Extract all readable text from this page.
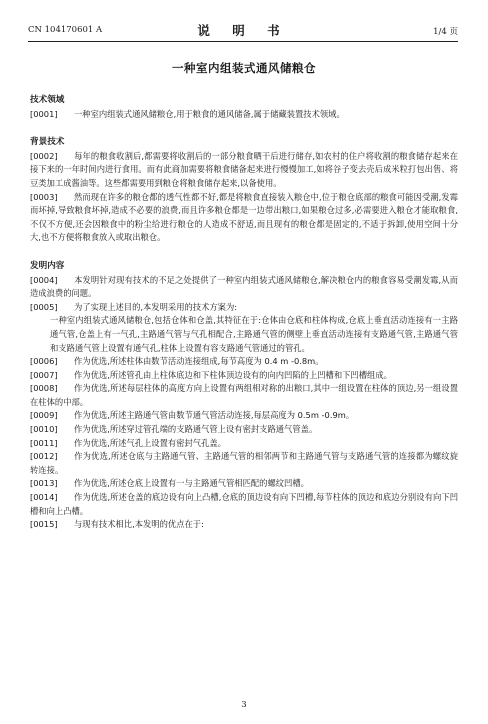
CN 104170601 A	说 明 书	1/4 页
一种室内组装式通风储粮仓
技术领域
[0001] 一种室内组装式通风储粮仓,用于粮食的通风储备,属于储藏装置技术领域。
背景技术
[0002] 每年的粮食收割后,都需要将收割后的一部分粮食晒干后进行储存,如农村的住户将收割的粮食储存起来在接下来的一年时间内进行食用。而有此商加需要将粮食储备起来进行慢慢加工,如将谷子变去壳后成米粒打包出售、将豆类加工成酱油等。这些都需要用到粮仓将粮食储存起来,以备使用。
[0003] 然而现在许多的粮仓都的透气性都不好,都是将粮食直接装入粮仓中,位于粮仓底部的粮食可能因受潮,发霉而坏掉,导致粮食坏掉,造成不必要的浪费,而且许多粮仓都是一边带出粮口,如果粮仓过多,必需要进入粮仓才能取粮食,不仅不方便,还会因粮食中的粉尘给进行粮仓的人造成不舒适,而且现有的粮仓都是固定的,不适于拆卸,使用空间十分大,也不方便将粮食放入或取出粮仓。
发明内容
[0004] 本发明针对现有技术的不足之处提供了一种室内组装式通风储粮仓,解决粮仓内的粮食容易受潮发霉,从而造成浪费的问题。
[0005] 为了实现上述目的,本发明采用的技术方案为:
一种室内组装式通风储粮仓,包括仓体和仓盖,其特征在于:仓体由仓底和柱体构成,仓底上垂直活动连接有一主路通气管,仓盖上有一气孔,主路通气管与气孔相配合,主路通气管的侧壁上垂直活动连接有支路通气管,主路通气管和支路通气管上设置有通气孔,柱体上设置有容支路通气管通过的管孔。
[0006] 作为优选,所述柱体由数节活动连接组成,每节高度为 0.4 m -0.8m。
[0007] 作为优选,所述管孔由上柱体底边和下柱体顶边设有的向内凹陷的上凹槽和下凹槽组成。
[0008] 作为优选,所述每层柱体的高度方向上设置有两组相对称的出粮口,其中一组设置在柱体的顶边,另一组设置在柱体的中部。
[0009] 作为优选,所述主路通气管由数节通气管活动连接,每层高度为 0.5m -0.9m。
[0010] 作为优选,所述穿过管孔端的支路通气管上设有密封支路通气管盖。
[0011] 作为优选,所述气孔上设置有密封气孔盖。
[0012] 作为优选,所述仓底与主路通气管、主路通气管的相邻两节和主路通气管与支路通气管的连接都为螺纹旋转连接。
[0013] 作为优选,所述仓底上设置有一与主路通气管相匹配的螺纹凹槽。
[0014] 作为优选,所述仓盖的底边设有向上凸槽,仓底的顶边设有向下凹槽,每节柱体的顶边和底边分别设有向下凹槽和向上凸槽。
[0015] 与现有技术相比,本发明的优点在于:
3
